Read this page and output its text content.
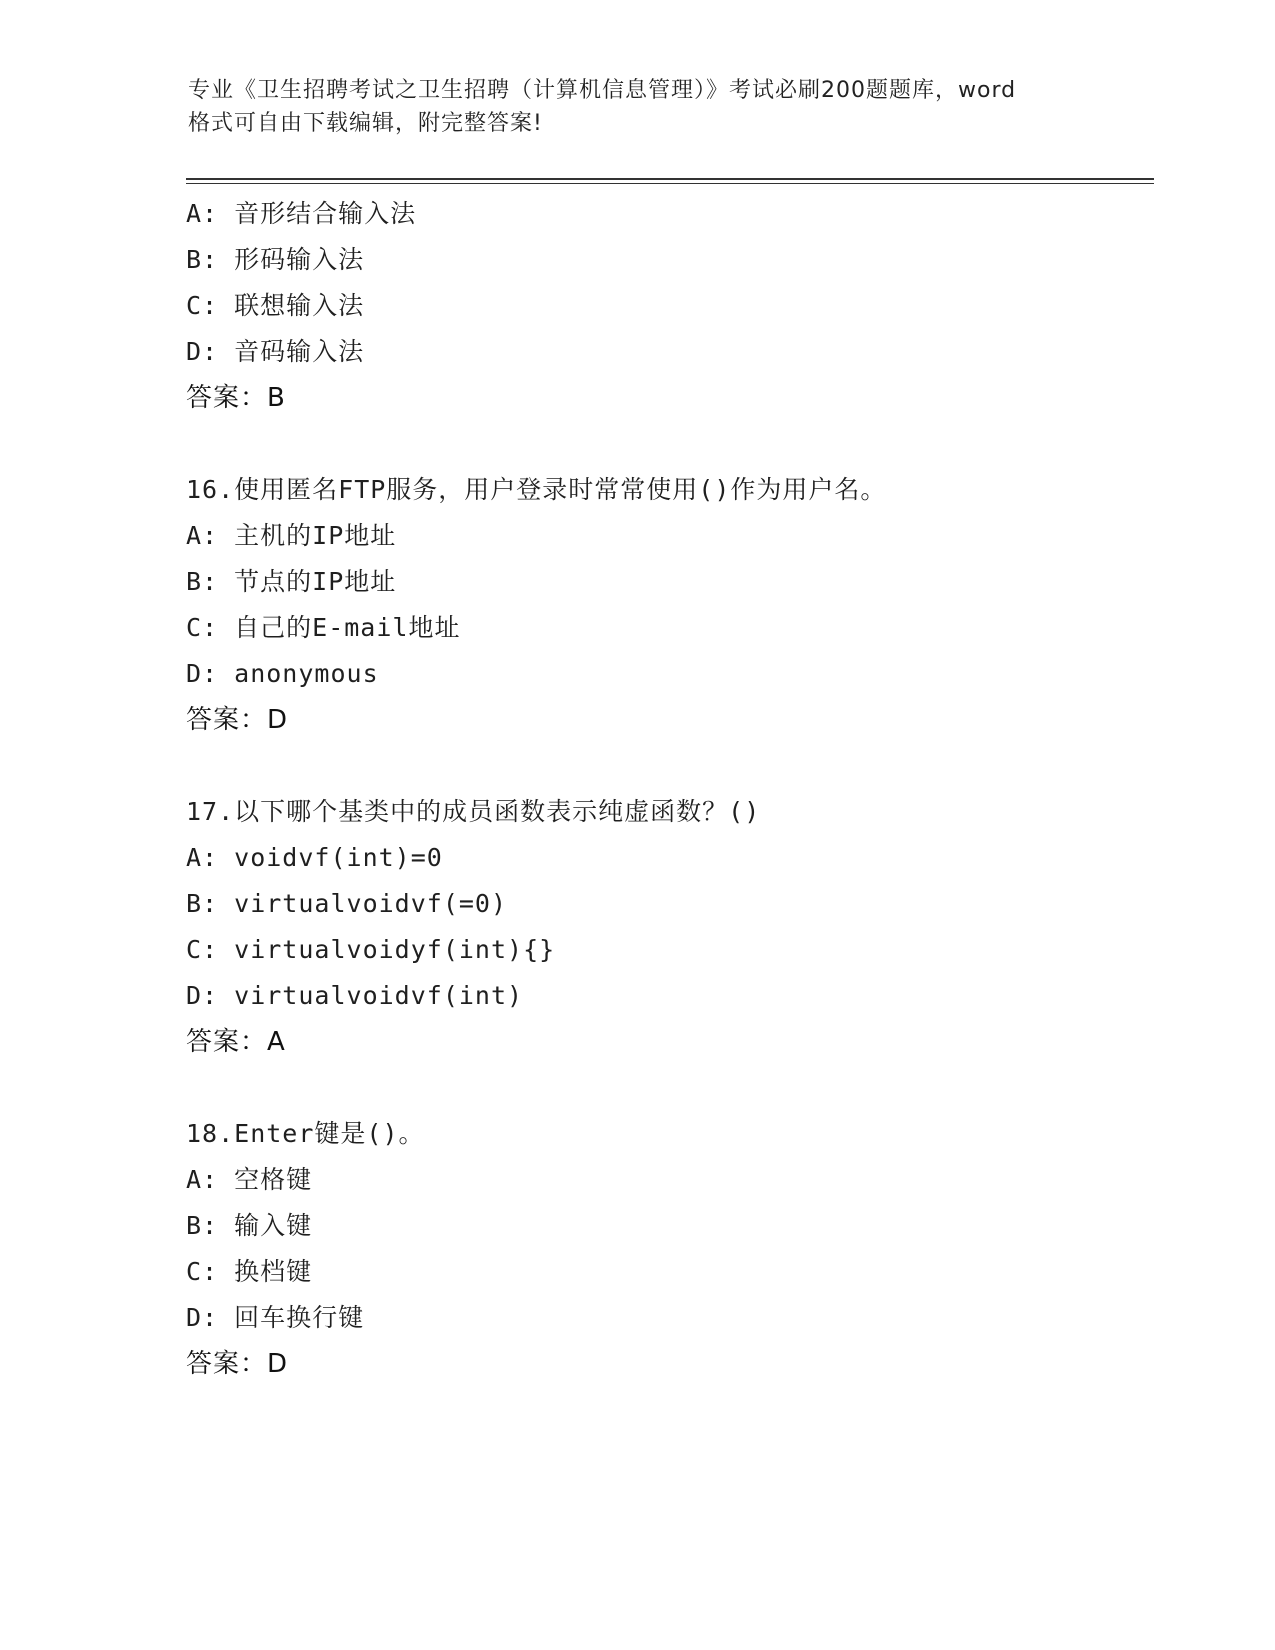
专业《卫生招聘考试之卫生招聘（计算机信息管理）》考试必刷200题题库，word
格式可自由下载编辑，附完整答案!
A: 音形结合输入法
B: 形码输入法
C: 联想输入法
D: 音码输入法
答案：B
16.使用匿名FTP服务，用户登录时常常使用()作为用户名。
A: 主机的IP地址
B: 节点的IP地址
C: 自己的E-mail地址
D: anonymous
答案：D
17.以下哪个基类中的成员函数表示纯虚函数？()
A: voidvf(int)=0
B: virtualvoidvf(=0)
C: virtualvoidyf(int){}
D: virtualvoidvf(int)
答案：A
18.Enter键是()。
A: 空格键
B: 输入键
C: 换档键
D: 回车换行键
答案：D
